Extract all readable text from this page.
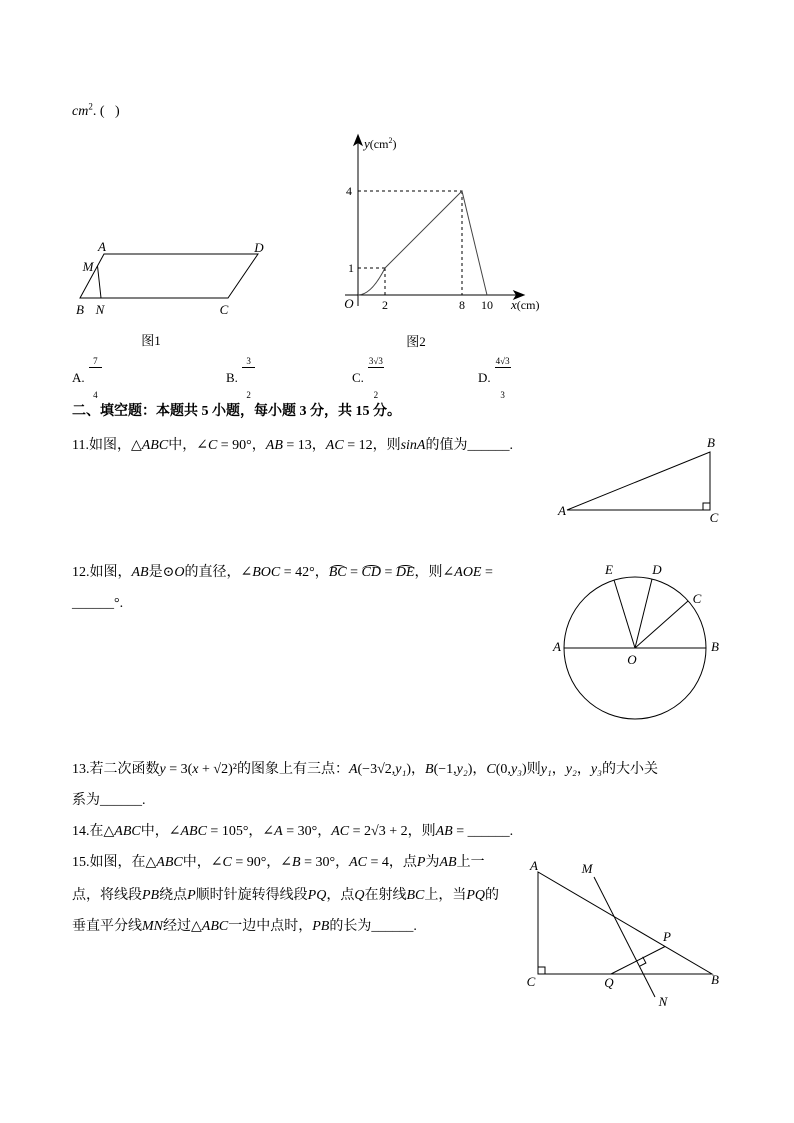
$cm^2$. (   )
A.

$\frac{7}{4}$

	B.

$\frac{3}{2}$

	C.

$\frac{3√3}{2}$

	D.

$\frac{4√3}{3}$

二、填空题：本题共 5 小题，每小题 3 分，共 15 分。
11.如图，△ABC中，∠C = 90°，AB = 13，AC = 12，则sinA的值为______.
12.如图，AB是⊙O的直径，∠BOC = 42°，BC = CD = DE，则∠AOE =
______°.
13.若二次函数y = 3(x + √2)²的图象上有三点：A(−3√2,y₁)，B(−1,y₂)，C(0,y₃)则y₁，y₂，y₃的大小关
系为______.
14.在△ABC中，∠ABC = 105°，∠A = 30°，AC = 2√3 + 2，则AB = ______.
15.如图，在△ABC中，∠C = 90°，∠B = 30°，AC = 4，点P为AB上一
点，将线段PB绕点P顺时针旋转得线段PQ，点Q在射线BC上，当PQ的
垂直平分线MN经过△ABC一边中点时，PB的长为______.
A	D
M
B N	C
图1
$y(cm^2)$
4
1
O 2	8 10 x(cm)
图2
B
A	C
E	D
C
A
O
B
A
C	B
M
N
P
Q
